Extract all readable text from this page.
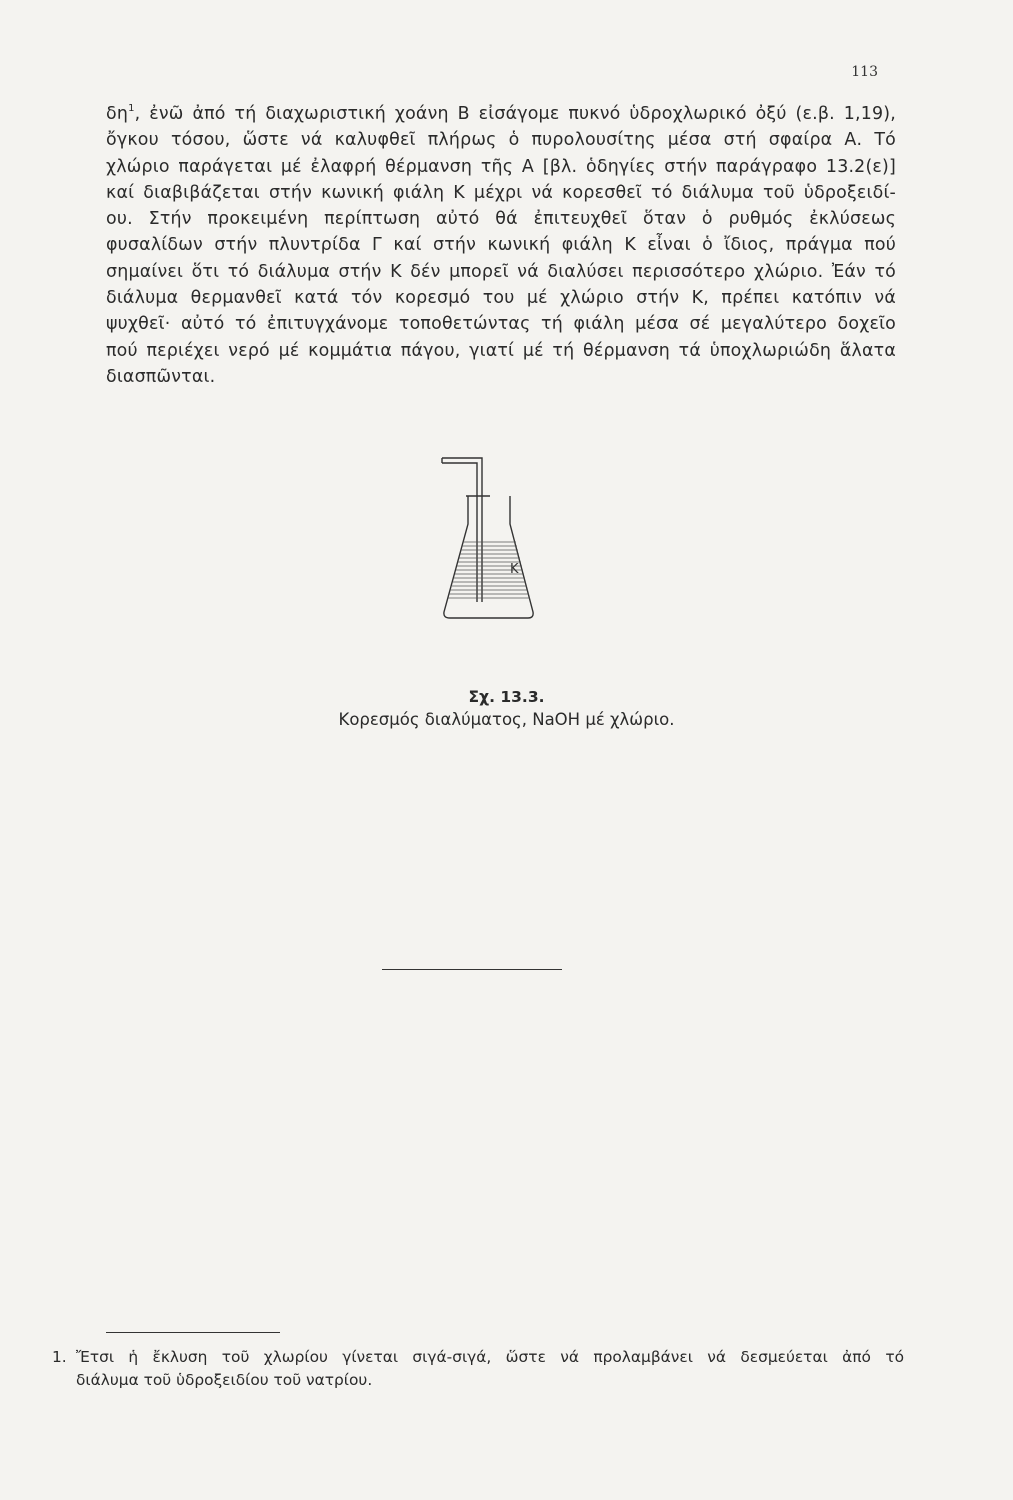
113
$\delta\eta^1$, ἐνῶ ἀπό τή διαχωριστική χοάνη Β εἰσάγομε πυκνό ὑδροχλωρικό ὀξύ (ε.β. 1,19),
ὄγκου τόσου, ὥστε νά καλυφθεῖ πλήρως ὁ πυρολουσίτης μέσα στή σφαίρα Α. Τό
χλώριο παράγεται μέ ἐλαφρή θέρμανση τῆς Α [βλ. ὁδηγίες στήν παράγραφο 13.2(ε)]
καί διαβιβάζεται στήν κωνική φιάλη Κ μέχρι νά κορεσθεῖ τό διάλυμα τοῦ ὑδροξειδί-
ου. Στήν προκειμένη περίπτωση αὐτό θά ἐπιτευχθεῖ ὅταν ὁ ρυθμός ἐκλύσεως
φυσαλίδων στήν πλυντρίδα Γ καί στήν κωνική φιάλη Κ εἶναι ὁ ἴδιος, πράγμα πού
σημαίνει ὅτι τό διάλυμα στήν Κ δέν μπορεῖ νά διαλύσει περισσότερο χλώριο. Ἐάν τό
διάλυμα θερμανθεῖ κατά τόν κορεσμό του μέ χλώριο στήν Κ, πρέπει κατόπιν νά
ψυχθεῖ· αὐτό τό ἐπιτυγχάνομε τοποθετώντας τή φιάλη μέσα σέ μεγαλύτερο δοχεῖο
πού περιέχει νερό μέ κομμάτια πάγου, γιατί μέ τή θέρμανση τά ὑποχλωριώδη ἅλατα
διασπῶνται.
Κ
Σχ. 13.3.
Κορεσμός διαλύματος, NaOH μέ χλώριο.
1. Ἔτσι ἡ ἔκλυση τοῦ χλωρίου γίνεται σιγά-σιγά, ὥστε νά προλαμβάνει νά δεσμεύεται ἀπό τό
διάλυμα τοῦ ὑδροξειδίου τοῦ νατρίου.
